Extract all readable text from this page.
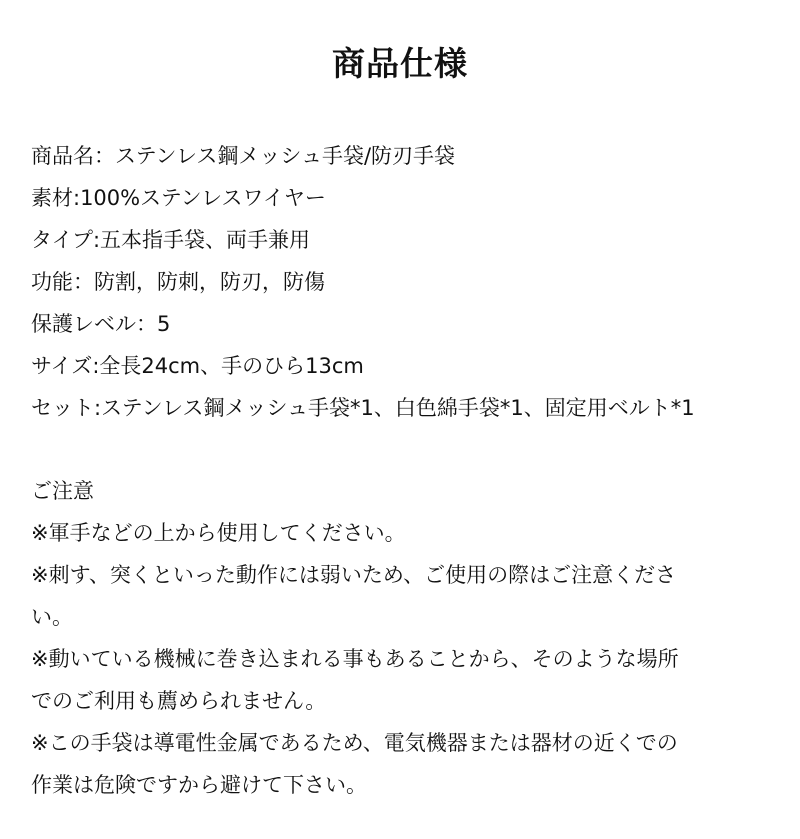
商品仕様
商品名：ステンレス鋼メッシュ手袋/防刃手袋
素材:100%ステンレスワイヤー
タイプ:五本指手袋、両手兼用
功能：防割，防刺，防刃，防傷
保護レベル：5
サイズ:全長24cm、手のひら13cm
セット:ステンレス鋼メッシュ手袋*1、白色綿手袋*1、固定用ベルト*1
ご注意
※軍手などの上から使用してください。
※刺す、突くといった動作には弱いため、ご使用の際はご注意くださ
い。
※動いている機械に巻き込まれる事もあることから、そのような場所
でのご利用も薦められません。
※この手袋は導電性金属であるため、電気機器または器材の近くでの
作業は危険ですから避けて下さい。
